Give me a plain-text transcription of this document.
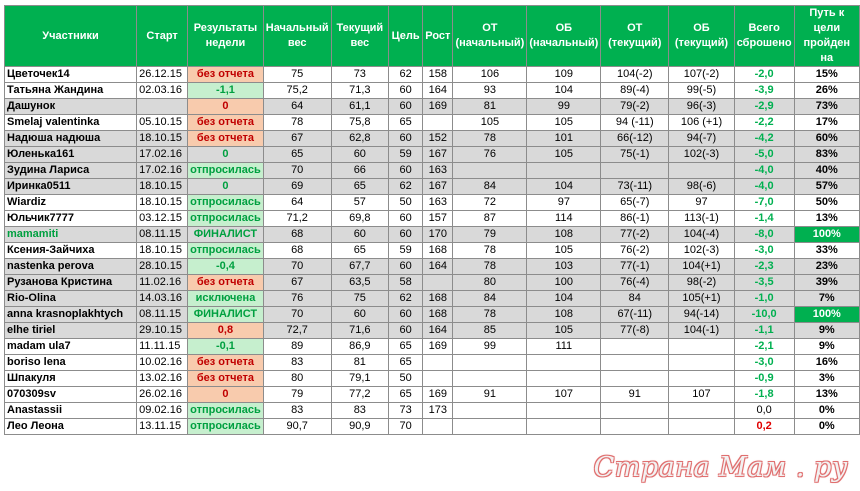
Участники	Старт	Результаты недели	Начальный вес	Текущий вес	Цель	Рост	ОТ (начальный)	ОБ (начальный)	ОТ (текущий)	ОБ (текущий)	Всего сброшено	Путь к цели пройден на
Цветочек14	26.12.15	без отчета	75	73	62	158	106	109	104(-2)	107(-2)	-2,0	15%
Татьяна Жандина	02.03.16	-1,1	75,2	71,3	60	164	93	104	89(-4)	99(-5)	-3,9	26%
Дашунок		0	64	61,1	60	169	81	99	79(-2)	96(-3)	-2,9	73%
Smelaj valentinka	05.10.15	без отчета	78	75,8	65		105	105	94 (-11)	106 (+1)	-2,2	17%
Надюша надюша	18.10.15	без отчета	67	62,8	60	152	78	101	66(-12)	94(-7)	-4,2	60%
Юленька161	17.02.16	0	65	60	59	167	76	105	75(-1)	102(-3)	-5,0	83%
Зудина Лариса	17.02.16	отпросилась	70	66	60	163					-4,0	40%
Иринка0511	18.10.15	0	69	65	62	167	84	104	73(-11)	98(-6)	-4,0	57%
Wiardiz	18.10.15	отпросилась	64	57	50	163	72	97	65(-7)	97	-7,0	50%
Юльчик7777	03.12.15	отпросилась	71,2	69,8	60	157	87	114	86(-1)	113(-1)	-1,4	13%
mamamiti	08.11.15	ФИНАЛИСТ	68	60	60	170	79	108	77(-2)	104(-4)	-8,0	100%
Ксения-Зайчиха	18.10.15	отпросилась	68	65	59	168	78	105	76(-2)	102(-3)	-3,0	33%
nastenka perova	28.10.15	-0,4	70	67,7	60	164	78	103	77(-1)	104(+1)	-2,3	23%
Рузанова Кристина	11.02.16	без отчета	67	63,5	58		80	100	76(-4)	98(-2)	-3,5	39%
Rio-Olina	14.03.16	исключена	76	75	62	168	84	104	84	105(+1)	-1,0	7%
anna krasnoplakhtych	08.11.15	ФИНАЛИСТ	70	60	60	168	78	108	67(-11)	94(-14)	-10,0	100%
elhe tiriel	29.10.15	0,8	72,7	71,6	60	164	85	105	77(-8)	104(-1)	-1,1	9%
madam ula7	11.11.15	-0,1	89	86,9	65	169	99	111			-2,1	9%
boriso lena	10.02.16	без отчета	83	81	65						-3,0	16%
Шпакуля	13.02.16	без отчета	80	79,1	50						-0,9	3%
070309sv	26.02.16	0	79	77,2	65	169	91	107	91	107	-1,8	13%
Anastassii	09.02.16	отпросилась	83	83	73	173					0,0	0%
Лео Леона	13.11.15	отпросилась	90,7	90,9	70						0,2	0%
Страна Мам . ру
